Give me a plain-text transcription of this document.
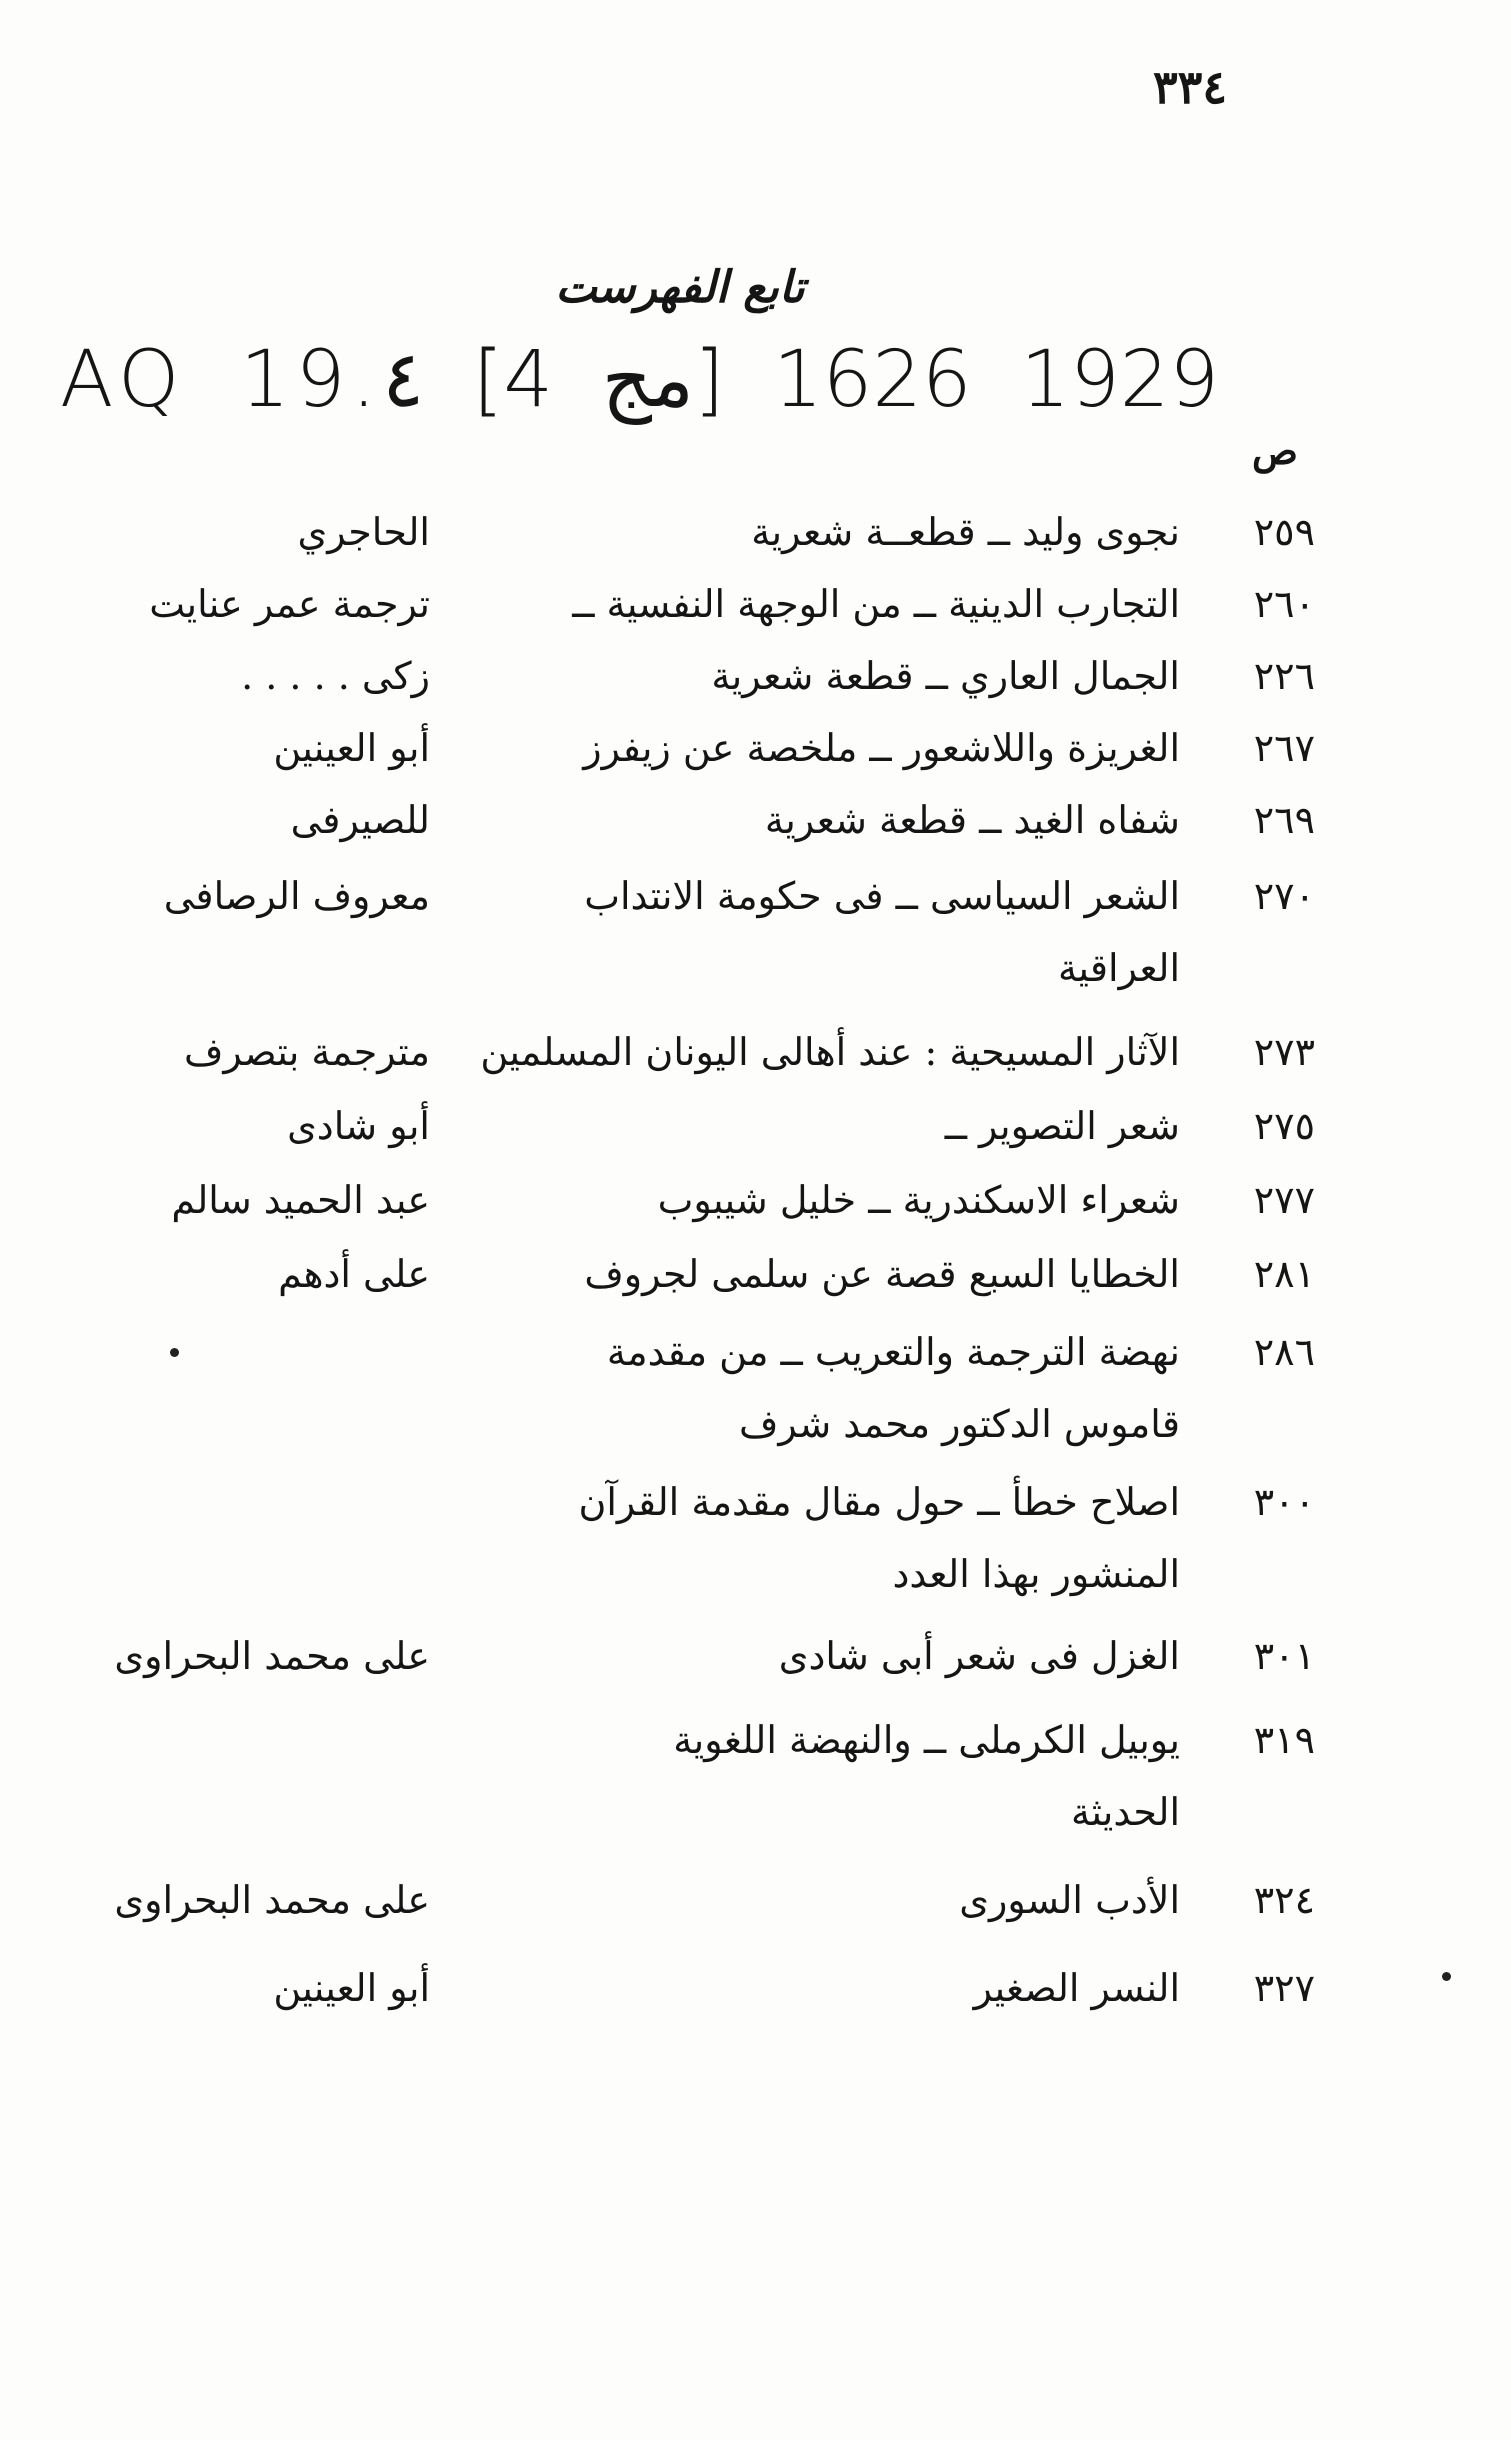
٣٣٤
تابع الفهرست
AQ 19.٤ [4 مج] 1929 1626
ص
٢٥٩
نجوى وليد ــ قطعــة شعرية
الحاجري
٢٦٠
التجارب الدينية ــ من الوجهة النفسية ــ
ترجمة عمر عنايت
٢٢٦
الجمال العاري ــ قطعة شعرية
زكى . . . . .
٢٦٧
الغريزة واللاشعور ــ ملخصة عن زيفرز
أبو العينين
٢٦٩
شفاه الغيد ــ قطعة شعرية
للصيرفى
٢٧٠
الشعر السياسى ــ فى حكومة الانتداب
معروف الرصافى
العراقية
٢٧٣
الآثار المسيحية : عند أهالى اليونان المسلمين
مترجمة بتصرف
٢٧٥
شعر التصوير ــ
أبو شادى
٢٧٧
شعراء الاسكندرية ــ خليل شيبوب
عبد الحميد سالم
٢٨١
الخطايا السبع قصة عن سلمى لجروف
على أدهم
٢٨٦
نهضة الترجمة والتعريب ــ من مقدمة
قاموس الدكتور محمد شرف
٣٠٠
اصلاح خطأ ــ حول مقال مقدمة القرآن
المنشور بهذا العدد
٣٠١
الغزل فى شعر أبى شادى
على محمد البحراوى
٣١٩
يوبيل الكرملى ــ والنهضة اللغوية
الحديثة
٣٢٤
الأدب السورى
على محمد البحراوى
٣٢٧
النسر الصغير
أبو العينين
